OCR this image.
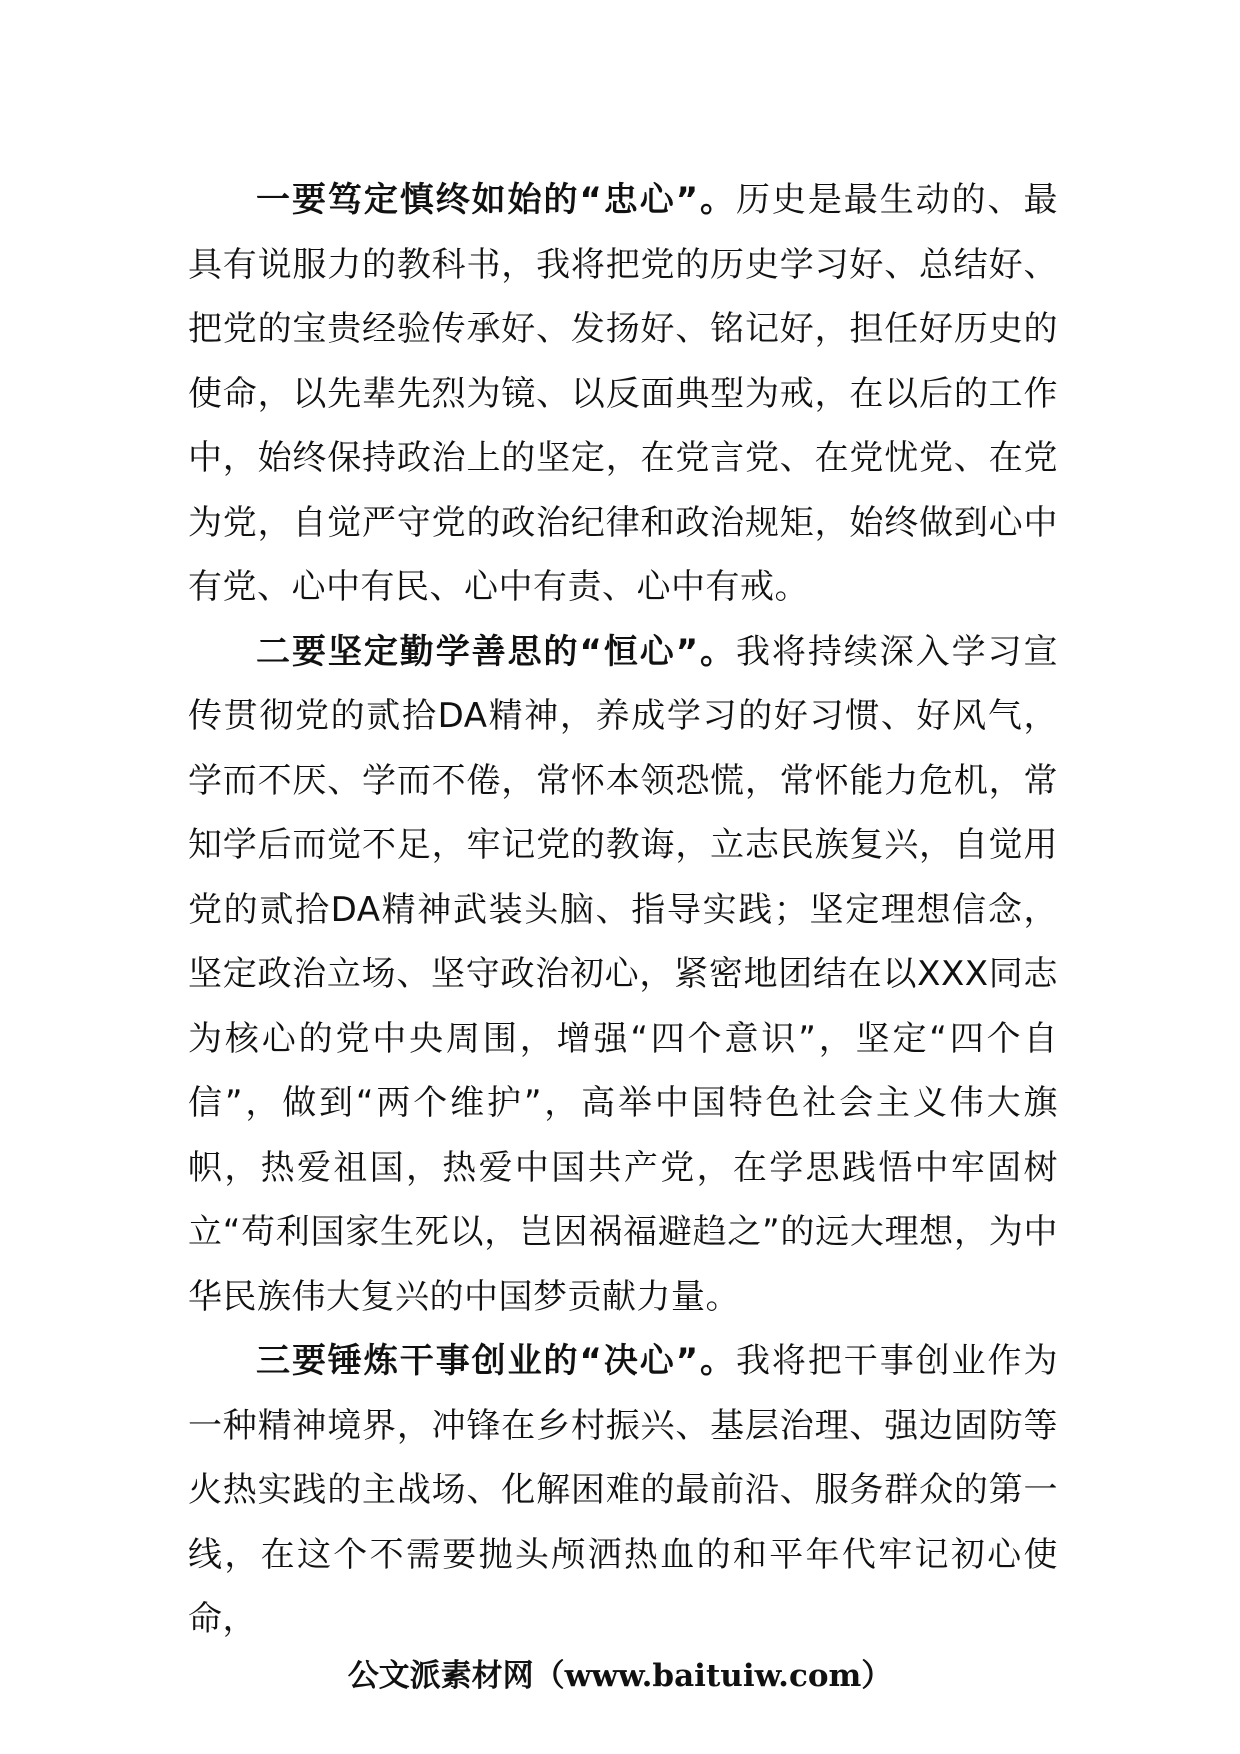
一要笃定慎终如始的“忠心”。历史是最生动的、最具有说服力的教科书，我将把党的历史学习好、总结好、把党的宝贵经验传承好、发扬好、铭记好，担任好历史的使命，以先辈先烈为镜、以反面典型为戒，在以后的工作中，始终保持政治上的坚定，在党言党、在党忧党、在党为党，自觉严守党的政治纪律和政治规矩，始终做到心中有党、心中有民、心中有责、心中有戒。

二要坚定勤学善思的“恒心”。我将持续深入学习宣传贯彻党的贰拾DA精神，养成学习的好习惯、好风气，学而不厌、学而不倦，常怀本领恐慌，常怀能力危机，常知学后而觉不足，牢记党的教诲，立志民族复兴，自觉用党的贰拾DA精神武装头脑、指导实践；坚定理想信念，坚定政治立场、坚守政治初心，紧密地团结在以XXX同志为核心的党中央周围，增强“四个意识”，坚定“四个自信”，做到“两个维护”，高举中国特色社会主义伟大旗帜，热爱祖国，热爱中国共产党，在学思践悟中牢固树立“苟利国家生死以，岂因祸福避趋之”的远大理想，为中华民族伟大复兴的中国梦贡献力量。

三要锤炼干事创业的“决心”。我将把干事创业作为一种精神境界，冲锋在乡村振兴、基层治理、强边固防等火热实践的主战场、化解困难的最前沿、服务群众的第一线，在这个不需要抛头颅洒热血的和平年代牢记初心使命，

公文派素材网（www.baituiw.com）
